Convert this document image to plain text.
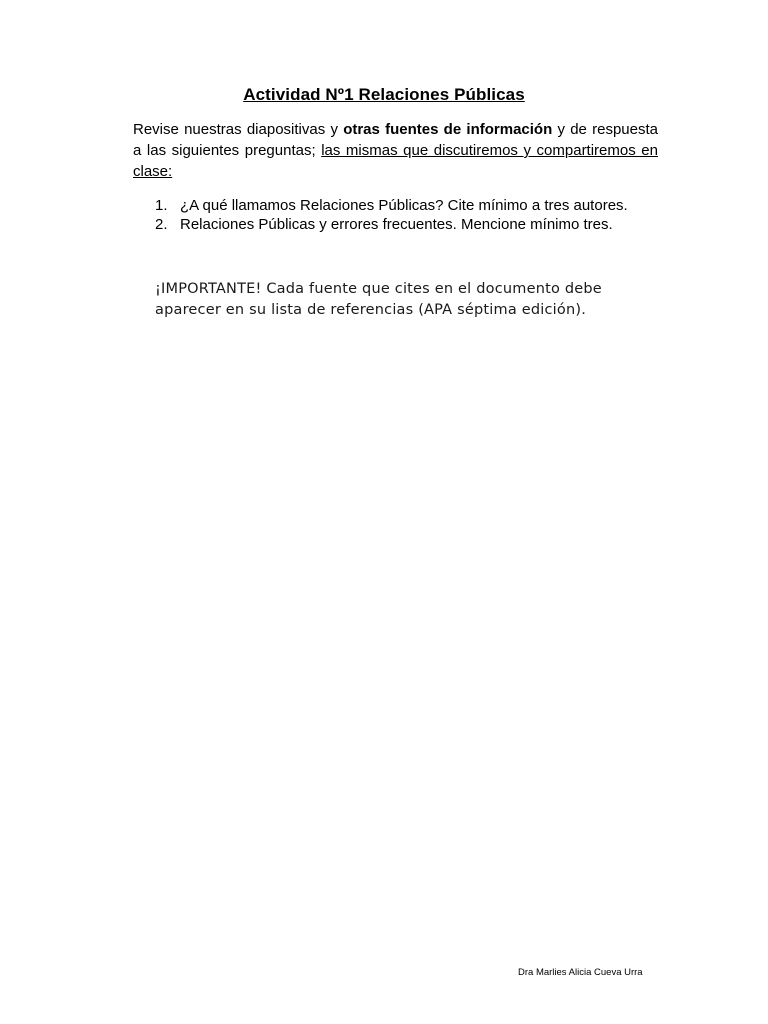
Actividad Nº1 Relaciones Públicas

Revise nuestras diapositivas y otras fuentes de información y de respuesta a las siguientes preguntas; las mismas que discutiremos y compartiremos en clase:

1. ¿A qué llamamos Relaciones Públicas? Cite mínimo a tres autores.
2. Relaciones Públicas y errores frecuentes. Mencione mínimo tres.

¡IMPORTANTE! Cada fuente que cites en el documento debe aparecer en su lista de referencias (APA séptima edición).

Dra Marlies Alicia Cueva Urra
